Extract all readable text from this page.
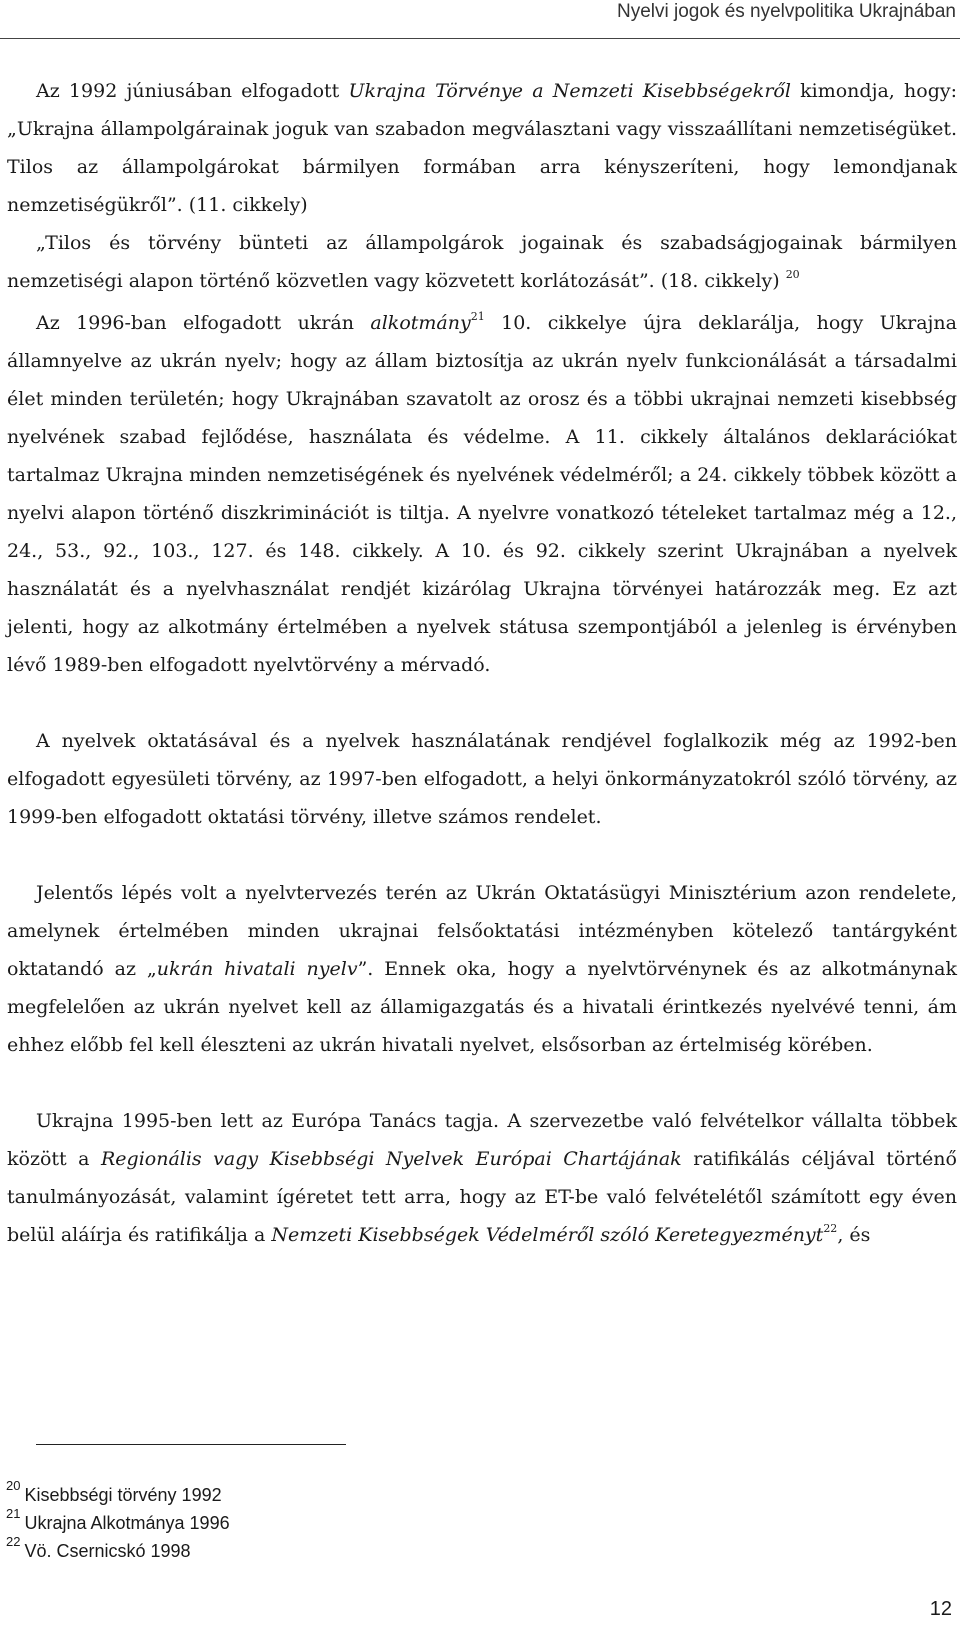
Nyelvi jogok és nyelvpolitika Ukrajnában

Az 1992 júniusában elfogadott Ukrajna Törvénye a Nemzeti Kisebbségekről kimondja, hogy: „Ukrajna állampolgárainak joguk van szabadon megválasztani vagy visszaállítani nemzetiségüket. Tilos az állampolgárokat bármilyen formában arra kényszeríteni, hogy lemondjanak nemzetiségükről”. (11. cikkely)

„Tilos és törvény bünteti az állampolgárok jogainak és szabadságjogainak bármilyen nemzetiségi alapon történő közvetlen vagy közvetett korlátozását”. (18. cikkely) $^{20}$

Az 1996-ban elfogadott ukrán alkotmány$^{21}$ 10. cikkelye újra deklarálja, hogy Ukrajna államnyelve az ukrán nyelv; hogy az állam biztosítja az ukrán nyelv funkcionálását a társadalmi élet minden területén; hogy Ukrajnában szavatolt az orosz és a többi ukrajnai nemzeti kisebbség nyelvének szabad fejlődése, használata és védelme. A 11. cikkely általános deklarációkat tartalmaz Ukrajna minden nemzetiségének és nyelvének védelméről; a 24. cikkely többek között a nyelvi alapon történő diszkriminációt is tiltja. A nyelvre vonatkozó tételeket tartalmaz még a 12., 24., 53., 92., 103., 127. és 148. cikkely. A 10. és 92. cikkely szerint Ukrajnában a nyelvek használatát és a nyelvhasználat rendjét kizárólag Ukrajna törvényei határozzák meg. Ez azt jelenti, hogy az alkotmány értelmében a nyelvek státusa szempontjából a jelenleg is érvényben lévő 1989-ben elfogadott nyelvtörvény a mérvadó.

A nyelvek oktatásával és a nyelvek használatának rendjével foglalkozik még az 1992-ben elfogadott egyesületi törvény, az 1997-ben elfogadott, a helyi önkormányzatokról szóló törvény, az 1999-ben elfogadott oktatási törvény, illetve számos rendelet.

Jelentős lépés volt a nyelvtervezés terén az Ukrán Oktatásügyi Minisztérium azon rendelete, amelynek értelmében minden ukrajnai felsőoktatási intézményben kötelező tantárgyként oktatandó az „ukrán hivatali nyelv”. Ennek oka, hogy a nyelvtörvénynek és az alkotmánynak megfelelően az ukrán nyelvet kell az államigazgatás és a hivatali érintkezés nyelvévé tenni, ám ehhez előbb fel kell éleszteni az ukrán hivatali nyelvet, elsősorban az értelmiség körében.

Ukrajna 1995-ben lett az Európa Tanács tagja. A szervezetbe való felvételkor vállalta többek között a Regionális vagy Kisebbségi Nyelvek Európai Chartájának ratifikálás céljával történő tanulmányozását, valamint ígéretet tett arra, hogy az ET-be való felvételétől számított egy éven belül aláírja és ratifikálja a Nemzeti Kisebbségek Védelméről szóló Keretegyezményt$^{22}$, és

$^{20}$ Kisebbségi törvény 1992
$^{21}$ Ukrajna Alkotmánya 1996
$^{22}$ Vö. Csernicskó 1998
12
